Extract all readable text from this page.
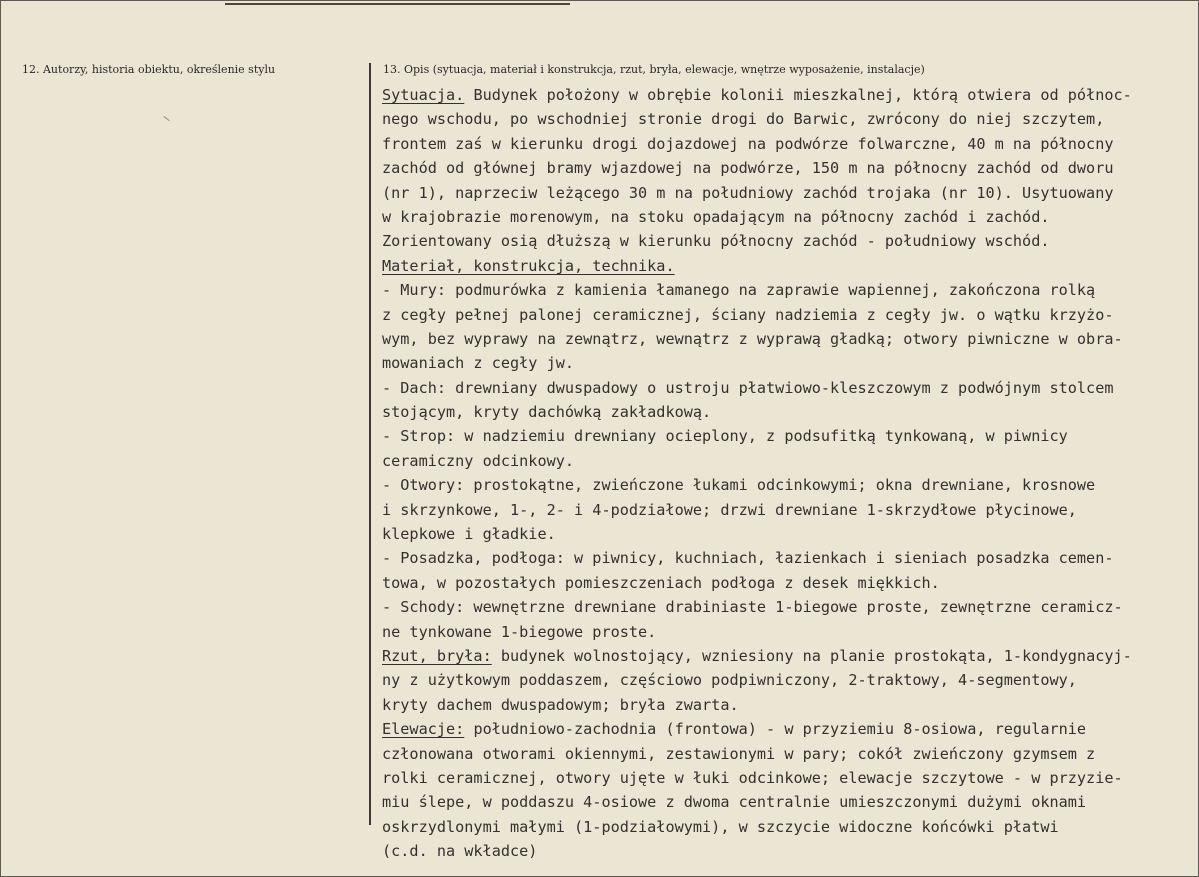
12. Autorzy, historia obiektu, określenie stylu	13. Opis (sytuacja, materiał i konstrukcja, rzut, bryła, elewacje, wnętrze wyposażenie, instalacje)
Sytuacja. Budynek położony w obrębie kolonii mieszkalnej, którą otwiera od północ-
nego wschodu, po wschodniej stronie drogi do Barwic, zwrócony do niej szczytem,
frontem zaś w kierunku drogi dojazdowej na podwórze folwarczne, 40 m na północny
zachód od głównej bramy wjazdowej na podwórze, 150 m na północny zachód od dworu
(nr 1), naprzeciw leżącego 30 m na południowy zachód trojaka (nr 10). Usytuowany
w krajobrazie morenowym, na stoku opadającym na północny zachód i zachód.
Zorientowany osią dłuższą w kierunku północny zachód - południowy wschód.
Materiał, konstrukcja, technika.
- Mury: podmurówka z kamienia łamanego na zaprawie wapiennej, zakończona rolką
z cegły pełnej palonej ceramicznej, ściany nadziemia z cegły jw. o wątku krzyżo-
wym, bez wyprawy na zewnątrz, wewnątrz z wyprawą gładką; otwory piwniczne w obra-
mowaniach z cegły jw.
- Dach: drewniany dwuspadowy o ustroju płatwiowo-kleszczowym z podwójnym stolcem
stojącym, kryty dachówką zakładkową.
- Strop: w nadziemiu drewniany ocieplony, z podsufitką tynkowaną, w piwnicy
ceramiczny odcinkowy.
- Otwory: prostokątne, zwieńczone łukami odcinkowymi; okna drewniane, krosnowe
i skrzynkowe, 1-, 2- i 4-podziałowe; drzwi drewniane 1-skrzydłowe płycinowe,
klepkowe i gładkie.
- Posadzka, podłoga: w piwnicy, kuchniach, łazienkach i sieniach posadzka cemen-
towa, w pozostałych pomieszczeniach podłoga z desek miękkich.
- Schody: wewnętrzne drewniane drabiniaste 1-biegowe proste, zewnętrzne ceramicz-
ne tynkowane 1-biegowe proste.
Rzut, bryła: budynek wolnostojący, wzniesiony na planie prostokąta, 1-kondygnacyj-
ny z użytkowym poddaszem, częściowo podpiwniczony, 2-traktowy, 4-segmentowy,
kryty dachem dwuspadowym; bryła zwarta.
Elewacje: południowo-zachodnia (frontowa) - w przyziemiu 8-osiowa, regularnie
członowana otworami okiennymi, zestawionymi w pary; cokół zwieńczony gzymsem z
rolki ceramicznej, otwory ujęte w łuki odcinkowe; elewacje szczytowe - w przyzie-
miu ślepe, w poddaszu 4-osiowe z dwoma centralnie umieszczonymi dużymi oknami
oskrzydlonymi małymi (1-podziałowymi), w szczycie widoczne końcówki płatwi
(c.d. na wkładce)
